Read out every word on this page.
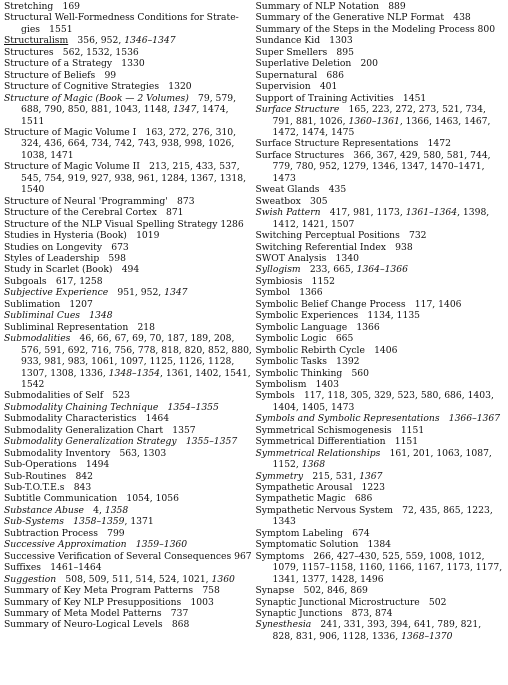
Stretching 169
Structural Well-Formedness Conditions for Strate-gies 1551
Structuralism 356, 952, 1346–1347
Structures 562, 1532, 1536
Structure of a Strategy 1330
Structure of Beliefs 99
Structure of Cognitive Strategies 1320
Structure of Magic (Book — 2 Volumes) 79, 579, 688, 790, 850, 881, 1043, 1148, 1347, 1474, 1511
Structure of Magic Volume I 163, 272, 276, 310, 324, 436, 664, 734, 742, 743, 938, 998, 1026, 1038, 1471
Structure of Magic Volume II 213, 215, 433, 537, 545, 754, 919, 927, 938, 961, 1284, 1367, 1318, 1540
Structure of Neural 'Programming' 873
Structure of the Cerebral Cortex 871
Structure of the NLP Visual Spelling Strategy 1286
Studies in Hysteria (Book) 1019
Studies on Longevity 673
Styles of Leadership 598
Study in Scarlet (Book) 494
Subgoals 617, 1258
Subjective Experience 951, 952, 1347
Sublimation 1207
Subliminal Cues  1348
Subliminal Representation 218
Submodalities 46, 66, 67, 69, 70, 187, 189, 208, 576, 591, 692, 716, 756, 778, 818, 820, 852, 880, 933, 981, 983, 1061, 1097, 1125, 1126, 1128, 1307, 1308, 1336, 1348–1354, 1361, 1402, 1541, 1542
Submodalities of Self 523
Submodality Chaining Technique  1354–1355
Submodality Characteristics 1464
Submodality Generalization Chart 1357
Submodality Generalization Strategy  1355–1357
Submodality Inventory 563, 1303
Sub-Operations 1494
Sub-Routines 842
Sub-T.O.T.E.s 843
Subtitle Communication 1054, 1056
Substance Abuse 4, 1358
Sub-Systems  1358–1359, 1371
Subtraction Process 799
Successive Approximation  1359–1360
Successive Verification of Several Consequences 967
Suffixes 1461–1464
Suggestion 508, 509, 511, 514, 524, 1021, 1360
Summary of Key Meta Program Patterns 758
Summary of Key NLP Presuppositions 1003
Summary of Meta Model Patterns 737
Summary of Neuro-Logical Levels 868
Summary of NLP Notation 889
Summary of the Generative NLP Format 438
Summary of the Steps in the Modeling Process 800
Sundance Kid 1303
Super Smellers 895
Superlative Deletion 200
Supernatural 686
Supervision 401
Support of Training Activities 1451
Surface Structure 165, 223, 272, 273, 521, 734, 791, 881, 1026, 1360–1361, 1366, 1463, 1467, 1472, 1474, 1475
Surface Structure Representations 1472
Surface Structures 366, 367, 429, 580, 581, 744, 779, 780, 952, 1279, 1346, 1347, 1470–1471, 1473
Sweat Glands 435
Sweatbox 305
Swish Pattern 417, 981, 1173, 1361–1364, 1398, 1412, 1421, 1507
Switching Perceptual Positions 732
Switching Referential Index 938
SWOT Analysis 1340
Syllogism 233, 665, 1364–1366
Symbiosis 1152
Symbol 1366
Symbolic Belief Change Process 117, 1406
Symbolic Experiences 1134, 1135
Symbolic Language 1366
Symbolic Logic 665
Symbolic Rebirth Cycle 1406
Symbolic Tasks 1392
Symbolic Thinking 560
Symbolism 1403
Symbols 117, 118, 305, 329, 523, 580, 686, 1403, 1404, 1405, 1473
Symbols and Symbolic Representations  1366–1367
Symmetrical Schismogenesis 1151
Symmetrical Differentiation 1151
Symmetrical Relationships 161, 201, 1063, 1087, 1152, 1368
Symmetry 215, 531, 1367
Sympathetic Arousal 1223
Sympathetic Magic 686
Sympathetic Nervous System 72, 435, 865, 1223, 1343
Symptom Labeling 674
Symptomatic Solution 1384
Symptoms 266, 427–430, 525, 559, 1008, 1012, 1079, 1157–1158, 1160, 1166, 1167, 1173, 1177, 1341, 1377, 1428, 1496
Synapse 502, 846, 869
Synaptic Junctional Microstructure 502
Synaptic Junctions 873, 874
Synesthesia 241, 331, 393, 394, 641, 789, 821, 828, 831, 906, 1128, 1336, 1368–1370
